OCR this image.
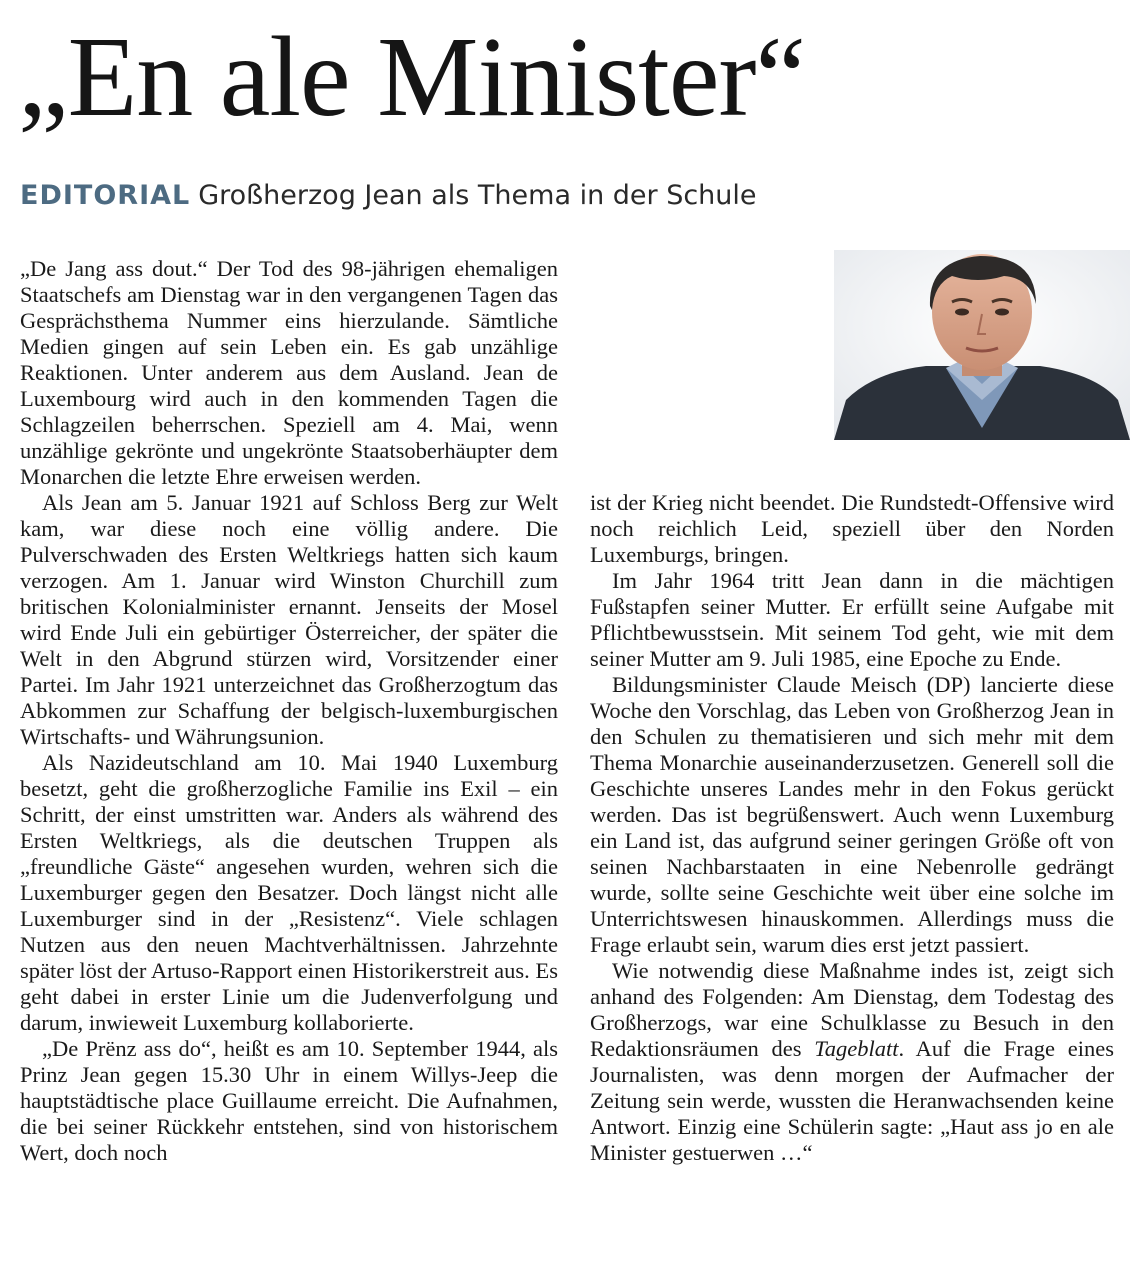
„En ale Minister“
EDITORIAL Großherzog Jean als Thema in der Schule

„De Jang ass dout.“ Der Tod des 98-jährigen ehemaligen Staatschefs am Dienstag war in den vergangenen Tagen das Gesprächsthema Nummer eins hierzulande. Sämtliche Medien gingen auf sein Leben ein. Es gab unzählige Reaktionen. Unter anderem aus dem Ausland. Jean de Luxembourg wird auch in den kommenden Tagen die Schlagzeilen beherrschen. Speziell am 4. Mai, wenn unzählige gekrönte und ungekrönte Staatsoberhäupter dem Monarchen die letzte Ehre erweisen werden.

Als Jean am 5. Januar 1921 auf Schloss Berg zur Welt kam, war diese noch eine völlig andere. Die Pulverschwaden des Ersten Weltkriegs hatten sich kaum verzogen. Am 1. Januar wird Winston Churchill zum britischen Kolonialminister ernannt. Jenseits der Mosel wird Ende Juli ein gebürtiger Österreicher, der später die Welt in den Abgrund stürzen wird, Vorsitzender einer Partei. Im Jahr 1921 unterzeichnet das Großherzogtum das Abkommen zur Schaffung der belgisch-luxemburgischen Wirtschafts- und Währungsunion.

Als Nazideutschland am 10. Mai 1940 Luxemburg besetzt, geht die großherzogliche Familie ins Exil – ein Schritt, der einst umstritten war. Anders als während des Ersten Weltkriegs, als die deutschen Truppen als „freundliche Gäste“ angesehen wurden, wehren sich die Luxemburger gegen den Besatzer. Doch längst nicht alle Luxemburger sind in der „Resistenz“. Viele schlagen Nutzen aus den neuen Machtverhältnissen. Jahrzehnte später löst der Artuso-Rapport einen Historikerstreit aus. Es geht dabei in erster Linie um die Judenverfolgung und darum, inwieweit Luxemburg kollaborierte.

„De Prënz ass do“, heißt es am 10. September 1944, als Prinz Jean gegen 15.30 Uhr in einem Willys-Jeep die hauptstädtische place Guillaume erreicht. Die Aufnahmen, die bei seiner Rückkehr entstehen, sind von historischem Wert, doch noch

ist der Krieg nicht beendet. Die Rundstedt-Offensive wird noch reichlich Leid, speziell über den Norden Luxemburgs, bringen.

Im Jahr 1964 tritt Jean dann in die mächtigen Fußstapfen seiner Mutter. Er erfüllt seine Aufgabe mit Pflichtbewusstsein. Mit seinem Tod geht, wie mit dem seiner Mutter am 9. Juli 1985, eine Epoche zu Ende.

Bildungsminister Claude Meisch (DP) lancierte diese Woche den Vorschlag, das Leben von Großherzog Jean in den Schulen zu thematisieren und sich mehr mit dem Thema Monarchie auseinanderzusetzen. Generell soll die Geschichte unseres Landes mehr in den Fokus gerückt werden. Das ist begrüßenswert. Auch wenn Luxemburg ein Land ist, das aufgrund seiner geringen Größe oft von seinen Nachbarstaaten in eine Nebenrolle gedrängt wurde, sollte seine Geschichte weit über eine solche im Unterrichtswesen hinauskommen. Allerdings muss die Frage erlaubt sein, warum dies erst jetzt passiert.

Wie notwendig diese Maßnahme indes ist, zeigt sich anhand des Folgenden: Am Dienstag, dem Todestag des Großherzogs, war eine Schulklasse zu Besuch in den Redaktionsräumen des Tageblatt. Auf die Frage eines Journalisten, was denn morgen der Aufmacher der Zeitung sein werde, wussten die Heranwachsenden keine Antwort. Einzig eine Schülerin sagte: „Haut ass jo en ale Minister gestuerwen …“
